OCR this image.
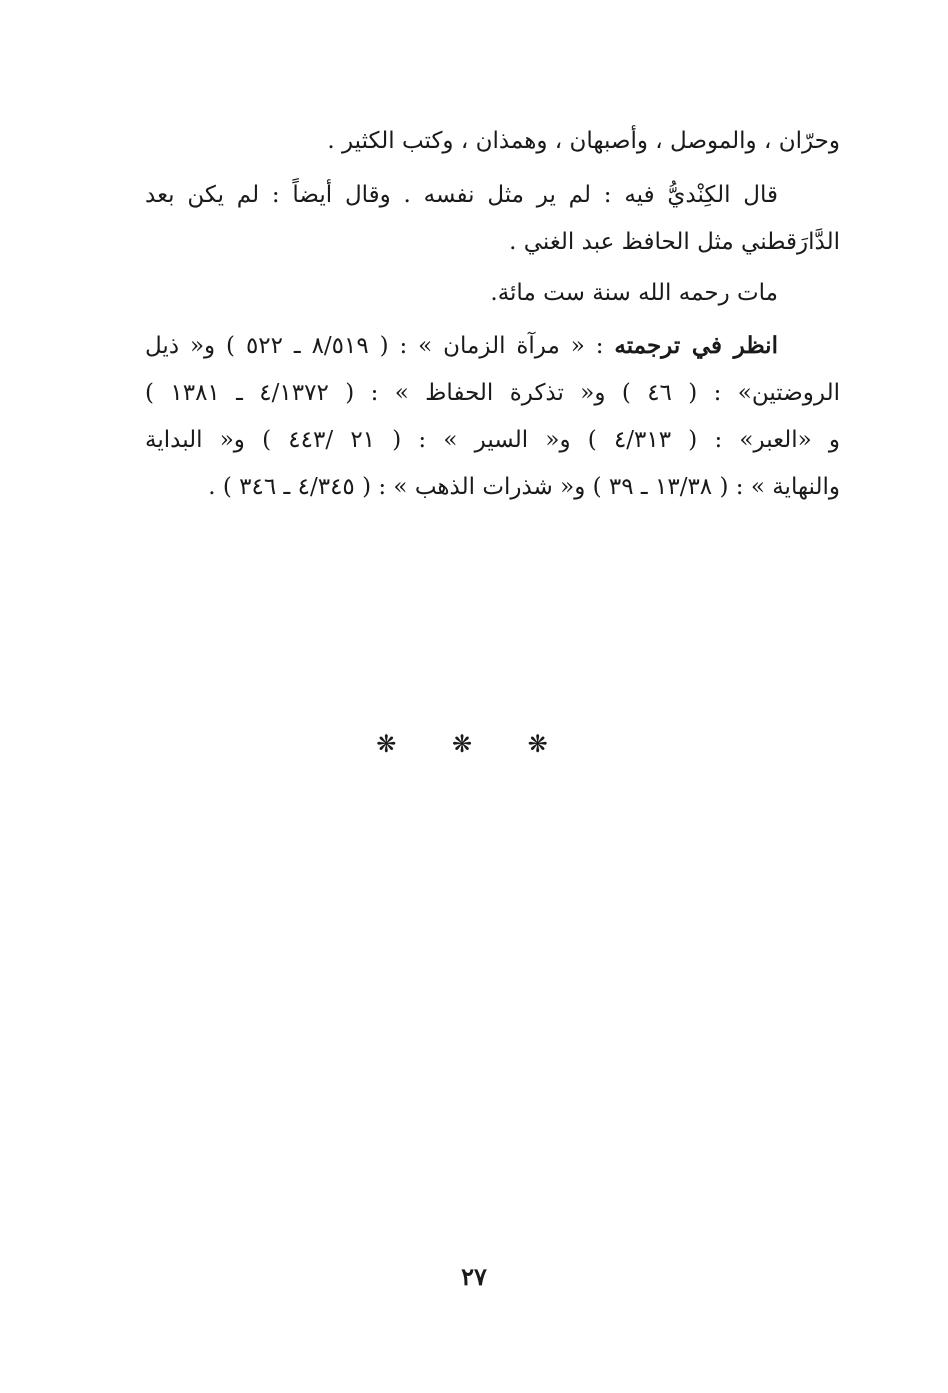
وحرّان ، والموصل ، وأصبهان ، وهمذان ، وكتب الكثير .
قال الكِنْديُّ فيه : لم ير مثل نفسه . وقال أيضاً : لم يكن بعد
الدَّارَقطني مثل الحافظ عبد الغني .
مات رحمه الله سنة ست مائة.
انظر في ترجمته : « مرآة الزمان » : ( ٨/٥١٩ ـ ٥٢٢ ) و« ذيل
الروضتين» : ( ٤٦ ) و« تذكرة الحفاظ » : ( ٤/١٣٧٢ ـ ١٣٨١ )
و «العبر» : ( ٤/٣١٣ ) و« السير » : ( ٢١ /٤٤٣ ) و« البداية
والنهاية » : ( ١٣/٣٨ ـ ٣٩ ) و« شذرات الذهب » : ( ٤/٣٤٥ ـ ٣٤٦ ) .
❋ ❋ ❋
٢٧
